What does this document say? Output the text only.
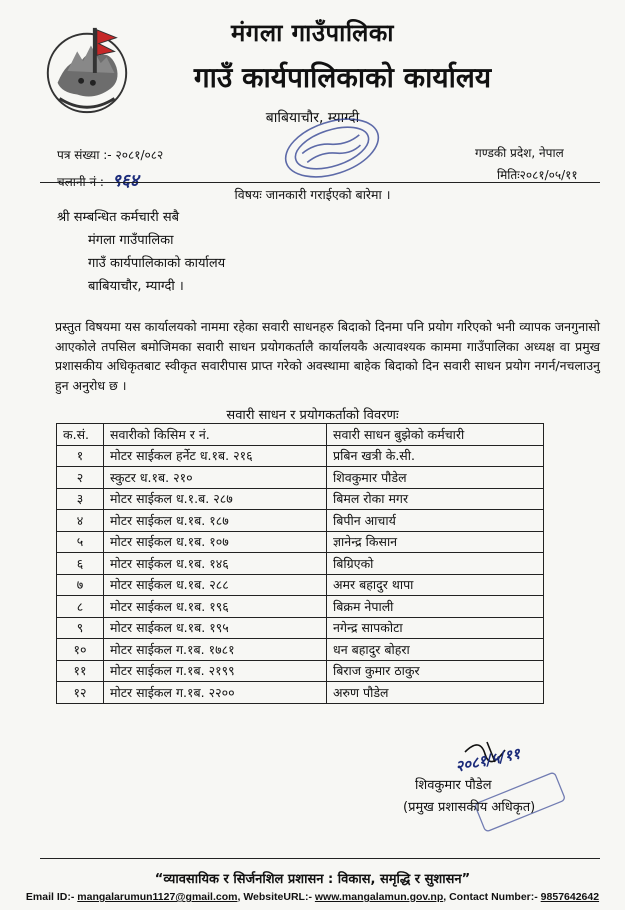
मंगला गाउँपालिका
गाउँ कार्यपालिकाको कार्यालय
बाबियाचौर, म्याग्दी
पत्र संख्या :- २०८१/०८२
चलानी नं :- ९६४
गण्डकी प्रदेश, नेपाल
मितिः२०८१/०५/११
विषयः जानकारी गराईएको बारेमा ।
श्री सम्बन्धित कर्मचारी सबै
मंगला गाउँपालिका
गाउँ कार्यपालिकाको कार्यालय
बाबियाचौर, म्याग्दी ।
प्रस्तुत विषयमा यस कार्यालयको नाममा रहेका सवारी साधनहरु बिदाको दिनमा पनि प्रयोग गरिएको भनी व्यापक जनगुनासो आएकोले तपसिल बमोजिमका सवारी साधन प्रयोगकर्तालै कार्यालयकै अत्यावश्यक काममा गाउँपालिका अध्यक्ष वा प्रमुख प्रशासकीय अधिकृतबाट स्वीकृत सवारीपास प्राप्त गरेको अवस्थामा बाहेक बिदाको दिन सवारी साधन प्रयोग नगर्न/नचलाउनु हुन अनुरोध छ ।
सवारी साधन र प्रयोगकर्ताको विवरणः
क.सं.	सवारीको किसिम र नं.	सवारी साधन बुझेको कर्मचारी
१	मोटर साईकल हर्नेट ध.१ब. २१६	प्रबिन खत्री के.सी.
२	स्कुटर ध.१ब. २१०	शिवकुमार पौडेल
३	मोटर साईकल ध.१.ब. २८७	बिमल रोका मगर
४	मोटर साईकल ध.१ब. १८७	बिपीन आचार्य
५	मोटर साईकल ध.१ब. १०७	ज्ञानेन्द्र किसान
६	मोटर साईकल ध.१ब. १४६	बिग्रिएको
७	मोटर साईकल ध.१ब. २८८	अमर बहादुर थापा
८	मोटर साईकल ध.१ब. १९६	बिक्रम नेपाली
९	मोटर साईकल ध.१ब. १९५	नगेन्द्र सापकोटा
१०	मोटर साईकल ग.१ब. १७८१	धन बहादुर बोहरा
११	मोटर साईकल ग.१ब. २१९९	बिराज कुमार ठाकुर
१२	मोटर साईकल ग.१ब. २२००	अरुण पौडेल
२०८१/५/११
शिवकुमार पौडेल
(प्रमुख प्रशासकीय अधिकृत)
“व्यावसायिक र सिर्जनशिल प्रशासन : विकास, समृद्धि र सुशासन”
Email ID:- mangalarumun1127@gmail.com, WebsiteURL:- www.mangalamun.gov.np, Contact Number:- 9857642642
